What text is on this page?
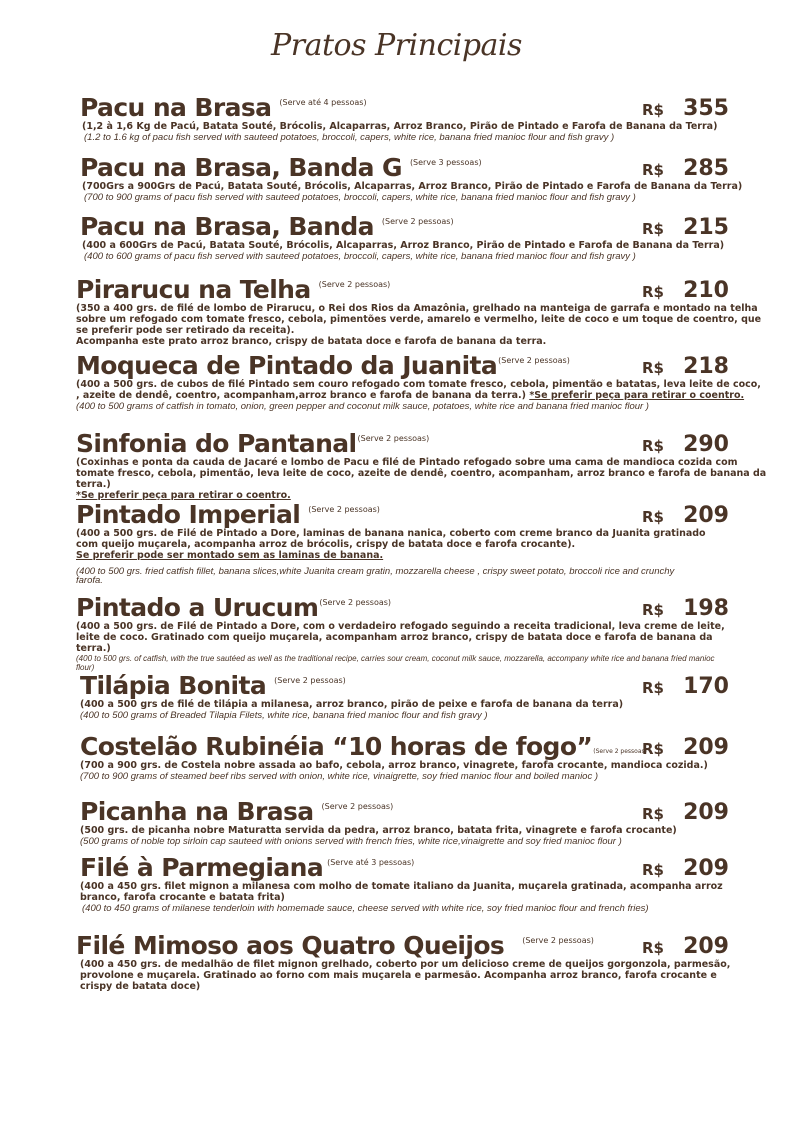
Pratos Principais
Pacu na Brasa $^{(Serve até 4 pessoas)}$	R$ 355

(1,2 à 1,6 Kg de Pacú, Batata Souté, Brócolis, Alcaparras, Arroz Branco, Pirão de Pintado e Farofa de Banana da Terra)

(1.2 to 1.6 kg of pacu fish served with sauteed potatoes, broccoli, capers, white rice, banana fried manioc flour and fish gravy )

Pacu na Brasa, Banda G $^{(Serve 3 pessoas)}$	R$ 285

(700Grs a 900Grs de Pacú, Batata Souté, Brócolis, Alcaparras, Arroz Branco, Pirão de Pintado e Farofa de Banana da Terra)

(700 to 900 grams of pacu fish served with sauteed potatoes, broccoli, capers, white rice, banana fried manioc flour and fish gravy )

Pacu na Brasa, Banda $^{(Serve 2 pessoas)}$	R$ 215

(400 a 600Grs de Pacú, Batata Souté, Brócolis, Alcaparras, Arroz Branco, Pirão de Pintado e Farofa de Banana da Terra)

(400 to 600 grams of pacu fish served with sauteed potatoes, broccoli, capers, white rice, banana fried manioc flour and fish gravy )

Pirarucu na Telha $^{(Serve 2 pessoas)}$	R$ 210

(350 a 400 grs. de filé de lombo de Pirarucu, o Rei dos Rios da Amazônia, grelhado na manteiga de garrafa e montado na telha sobre um refogado com tomate fresco, cebola, pimentões verde, amarelo e vermelho, leite de coco e um toque de coentro, que se preferir pode ser retirado da receita).
Acompanha este prato arroz branco, crispy de batata doce e farofa de banana da terra.

Moqueca de Pintado da Juanita$^{(Serve 2 pessoas)}$	R$ 218

(400 a 500 grs. de cubos de filé Pintado sem couro refogado com tomate fresco, cebola, pimentão e batatas, leva leite de coco, , azeite de dendê, coentro, acompanham,arroz branco e farofa de banana da terra.) *Se preferir peça para retirar o coentro.

(400 to 500 grams of catfish in tomato, onion, green pepper and coconut milk sauce, potatoes, white rice and banana fried manioc flour )

Sinfonia do Pantanal$^{(Serve 2 pessoas)}$	R$ 290

(Coxinhas e ponta da cauda de Jacaré e lombo de Pacu e filé de Pintado refogado sobre uma cama de mandioca cozida com tomate fresco, cebola, pimentão, leva leite de coco, azeite de dendê, coentro, acompanham, arroz branco e farofa de banana da terra.)
*Se preferir peça para retirar o coentro.

Pintado Imperial $^{(Serve 2 pessoas)}$	R$ 209

(400 a 500 grs. de Filé de Pintado a Dore, laminas de banana nanica, coberto com creme branco da Juanita gratinado com queijo muçarela, acompanha arroz de brócolis, crispy de batata doce e farofa crocante).
Se preferir pode ser montado sem as laminas de banana.

(400 to 500 grs. fried catfish fillet, banana slices,white Juanita cream gratin, mozzarella cheese , crispy sweet potato, broccoli rice and crunchy farofa.

Pintado a Urucum$^{(Serve 2 pessoas)}$	R$ 198

(400 a 500 grs. de Filé de Pintado a Dore, com o verdadeiro refogado seguindo a receita tradicional, leva creme de leite, leite de coco. Gratinado com queijo muçarela, acompanham arroz branco, crispy de batata doce e farofa de banana da terra.)

(400 to 500 grs. of catfish, with the true sautéed as well as the traditional recipe, carries sour cream, coconut milk sauce, mozzarella, accompany white rice and banana fried manioc flour)

Tilápia Bonita $^{(Serve 2 pessoas)}$	R$ 170

(400 a 500 grs de filé de tilápia a milanesa, arroz branco, pirão de peixe e farofa de banana da terra)

(400 to 500 grams of Breaded Tilapia Filets, white rice, banana fried manioc flour and fish gravy )

Costelão Rubinéia “10 horas de fogo”(Serve 2 pessoas)
R$ 209

(700 a 900 grs. de Costela nobre assada ao bafo, cebola, arroz branco, vinagrete, farofa crocante, mandioca cozida.)

(700 to 900 grams of steamed beef ribs served with onion, white rice, vinaigrette, soy fried manioc flour and boiled manioc )

Picanha na Brasa $^{(Serve 2 pessoas)}$	R$ 209

(500 grs. de picanha nobre Maturatta servida da pedra, arroz branco, batata frita, vinagrete e farofa crocante)

(500 grams of noble top sirloin cap sauteed with onions served with french fries, white rice,vinaigrette and soy fried manioc flour )

Filé à Parmegiana $^{(Serve até 3 pessoas)}$	R$ 209

(400 a 450 grs. filet mignon a milanesa com molho de tomate italiano da Juanita, muçarela gratinada, acompanha arroz branco, farofa crocante e batata frita)

(400 to 450 grams of milanese tenderloin with homemade sauce, cheese served with white rice, soy fried manioc flour and french fries)

Filé Mimoso aos Quatro Queijos $^{(Serve 2 pessoas)}$	R$ 209

(400 a 450 grs. de medalhão de filet mignon grelhado, coberto por um delicioso creme de queijos gorgonzola, parmesão, provolone e muçarela. Gratinado ao forno com mais muçarela e parmesão. Acompanha arroz branco, farofa crocante e crispy de batata doce)
